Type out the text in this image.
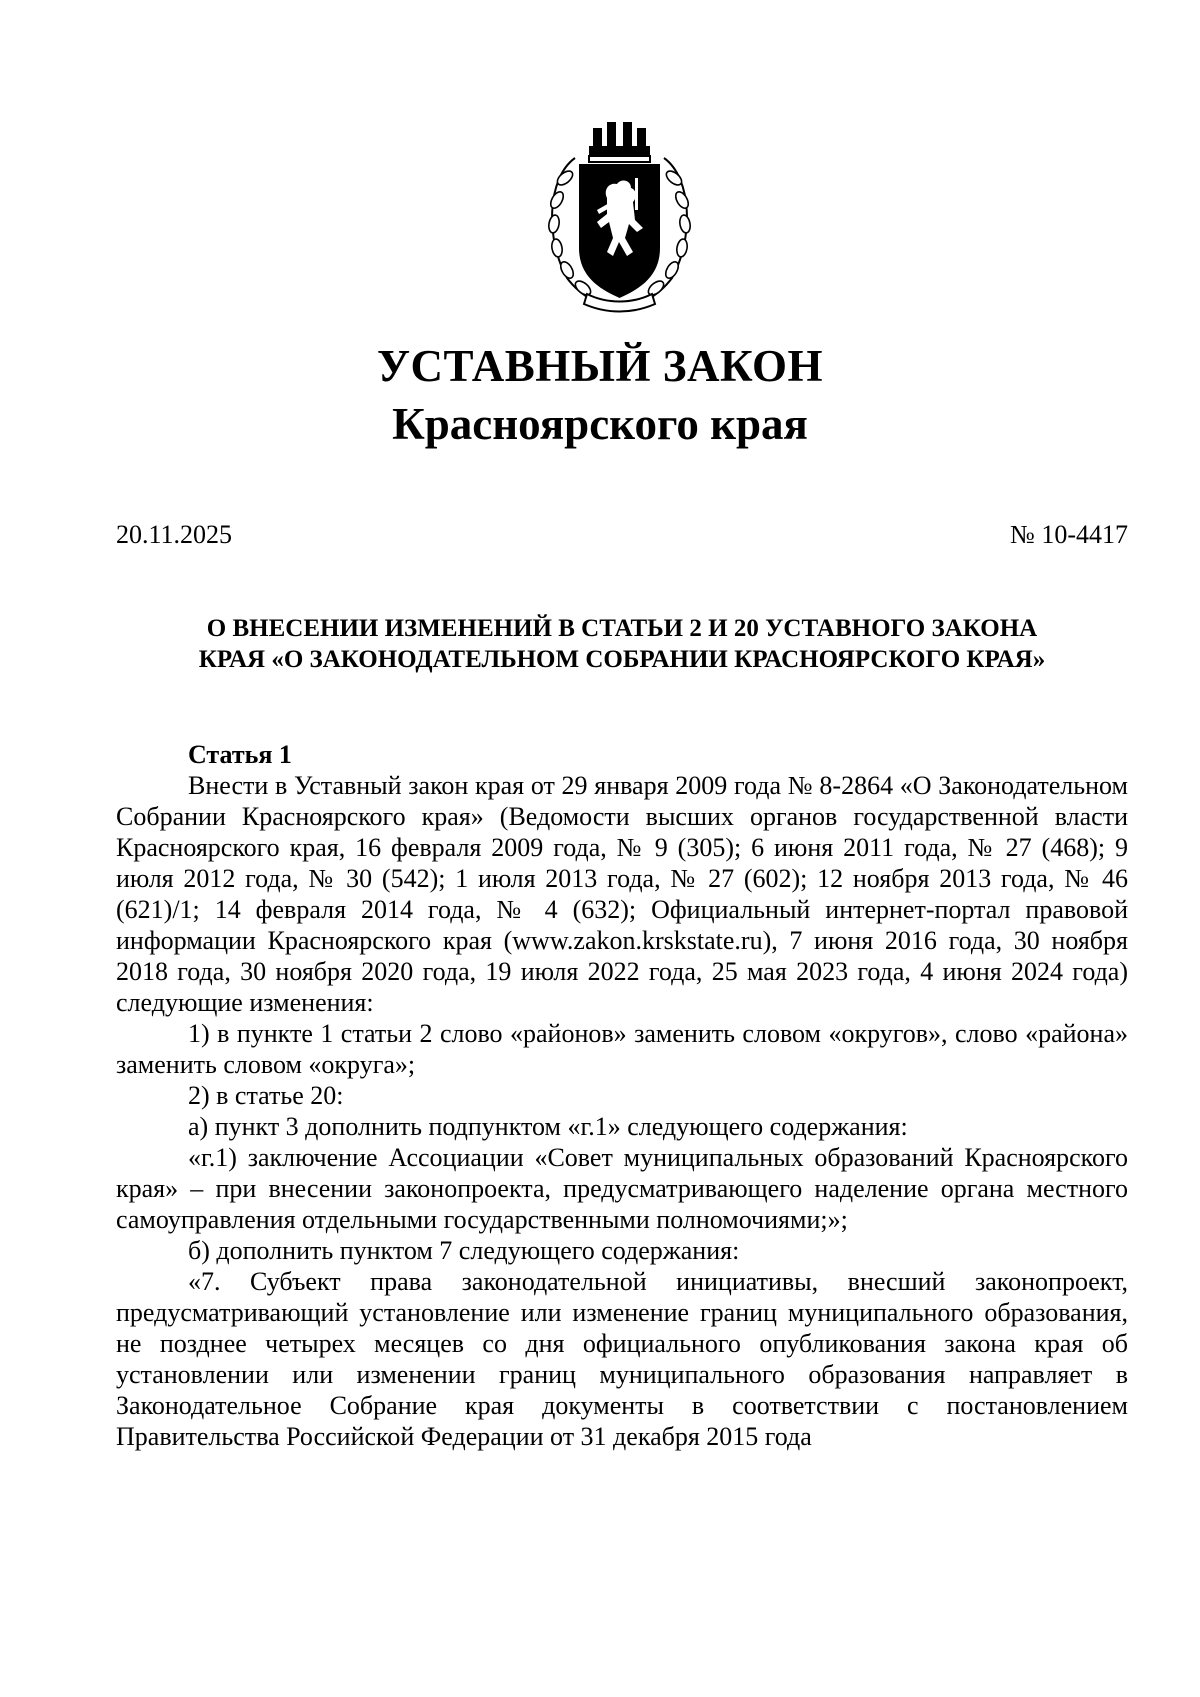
УСТАВНЫЙ ЗАКОН
Красноярского края
20.11.2025	№ 10-4417
О ВНЕСЕНИИ ИЗМЕНЕНИЙ В СТАТЬИ 2 И 20 УСТАВНОГО ЗАКОНА
КРАЯ «О ЗАКОНОДАТЕЛЬНОМ СОБРАНИИ КРАСНОЯРСКОГО КРАЯ»

Статья 1

Внести в Уставный закон края от 29 января 2009 года № 8-2864 «О Законодательном Собрании Красноярского края» (Ведомости высших органов государственной власти Красноярского края, 16 февраля 2009 года, № 9 (305); 6 июня 2011 года, № 27 (468); 9 июля 2012 года, № 30 (542); 1 июля 2013 года, № 27 (602); 12 ноября 2013 года, № 46 (621)/1; 14 февраля 2014 года, № 4 (632); Официальный интернет-портал правовой информации Красноярского края (www.zakon.krskstate.ru), 7 июня 2016 года, 30 ноября 2018 года, 30 ноября 2020 года, 19 июля 2022 года, 25 мая 2023 года, 4 июня 2024 года) следующие изменения:

1) в пункте 1 статьи 2 слово «районов» заменить словом «округов», слово «района» заменить словом «округа»;

2) в статье 20:

а) пункт 3 дополнить подпунктом «г.1» следующего содержания:

«г.1) заключение Ассоциации «Совет муниципальных образований Красноярского края» – при внесении законопроекта, предусматривающего наделение органа местного самоуправления отдельными государственными полномочиями;»;

б) дополнить пунктом 7 следующего содержания:

«7. Субъект права законодательной инициативы, внесший законопроект, предусматривающий установление или изменение границ муниципального образования, не позднее четырех месяцев со дня официального опубликования закона края об установлении или изменении границ муниципального образования направляет в Законодательное Собрание края документы в соответствии с постановлением Правительства Российской Федерации от 31 декабря 2015 года
